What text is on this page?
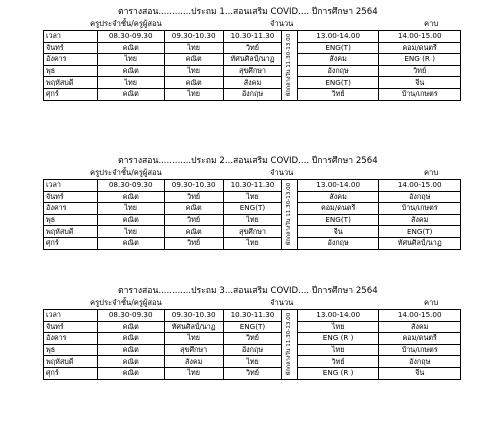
ตารางสอน............ประถม 1...สอนเสริม COVID.... ปีการศึกษา 2564
ครูประจำชั้น/ครูผู้สอน	จำนวน	คาบ
เวลา	08.30-09.30	09.30-10.30	10.30-11.30	พักกลางวัน 11.30-13.00	13.00-14.00	14.00-15.00
จันทร์	คณิต	ไทย	วิทย์		ENG(T)	คอม/ดนตรี
อังคาร	ไทย	คณิต	ทัศนศิลป์/นาฏ		สังคม	ENG (R )
พุธ	คณิต	ไทย	สุขศึกษา		อังกฤษ	วิทย์
พฤหัสบดี	ไทย	คณิต	สังคม		ENG(T)	จีน
ศุกร์	คณิต	ไทย	อังกฤษ		วิทย์	บ้าน/เกษตร
ตารางสอน............ประถม 2...สอนเสริม COVID.... ปีการศึกษา 2564
ครูประจำชั้น/ครูผู้สอน	จำนวน	คาบ
เวลา	08.30-09.30	09.30-10.30	10.30-11.30	พักกลางวัน 11.30-13.00	13.00-14.00	14.00-15.00
จันทร์	คณิต	วิทย์	ไทย		สังคม	อังกฤษ
อังคาร	ไทย	คณิต	ENG(T)		คอม/ดนตรี	บ้าน/เกษตร
พุธ	คณิต	วิทย์	ไทย		ENG(T)	สังคม
พฤหัสบดี	ไทย	คณิต	สุขศึกษา		จีน	ENG(T)
ศุกร์	คณิต	วิทย์	ไทย		อังกฤษ	ทัศนศิลป์/นาฏ
ตารางสอน............ประถม 3...สอนเสริม COVID.... ปีการศึกษา 2564
ครูประจำชั้น/ครูผู้สอน	จำนวน	คาบ
เวลา	08.30-09.30	09.30-10.30	10.30-11.30	พักกลางวัน 11.30-13.00	13.00-14.00	14.00-15.00
จันทร์	คณิต	ทัศนศิลป์/นาฏ	ENG(T)		ไทย	สังคม
อังคาร	คณิต	ไทย	วิทย์		ENG (R )	คอม/ดนตรี
พุธ	คณิต	สุขศึกษา	อังกฤษ		ไทย	บ้าน/เกษตร
พฤหัสบดี	คณิต	สังคม	ไทย		วิทย์	อังกฤษ
ศุกร์	คณิต	ไทย	วิทย์		ENG (R )	จีน
